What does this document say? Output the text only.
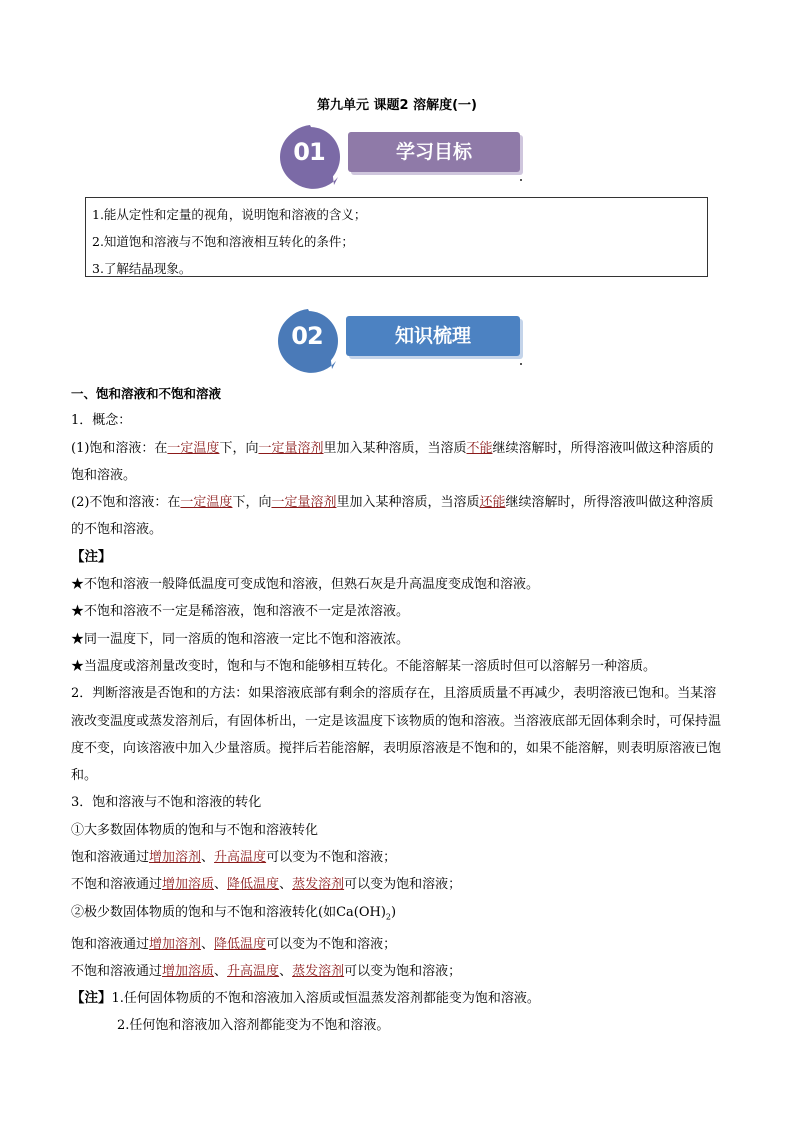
第九单元 课题2 溶解度(一)
学习目标
01
1.能从定性和定量的视角，说明饱和溶液的含义；
2.知道饱和溶液与不饱和溶液相互转化的条件；
3.了解结晶现象。
知识梳理
02
一、饱和溶液和不饱和溶液
1．概念：
(1)饱和溶液：在一定温度下，向一定量溶剂里加入某种溶质，当溶质不能继续溶解时，所得溶液叫做这种溶质的饱和溶液。
(2)不饱和溶液：在一定温度下，向一定量溶剂里加入某种溶质，当溶质还能继续溶解时，所得溶液叫做这种溶质的不饱和溶液。
【注】
★不饱和溶液一般降低温度可变成饱和溶液，但熟石灰是升高温度变成饱和溶液。
★不饱和溶液不一定是稀溶液，饱和溶液不一定是浓溶液。
★同一温度下，同一溶质的饱和溶液一定比不饱和溶液浓。
★当温度或溶剂量改变时，饱和与不饱和能够相互转化。不能溶解某一溶质时但可以溶解另一种溶质。
2．判断溶液是否饱和的方法：如果溶液底部有剩余的溶质存在，且溶质质量不再减少，表明溶液已饱和。当某溶液改变温度或蒸发溶剂后，有固体析出，一定是该温度下该物质的饱和溶液。当溶液底部无固体剩余时，可保持温度不变，向该溶液中加入少量溶质。搅拌后若能溶解，表明原溶液是不饱和的，如果不能溶解，则表明原溶液已饱和。
3．饱和溶液与不饱和溶液的转化
①大多数固体物质的饱和与不饱和溶液转化
饱和溶液通过增加溶剂、升高温度可以变为不饱和溶液；
不饱和溶液通过增加溶质、降低温度、蒸发溶剂可以变为饱和溶液；
②极少数固体物质的饱和与不饱和溶液转化(如$Ca(OH)_2$)
饱和溶液通过增加溶剂、降低温度可以变为不饱和溶液；
不饱和溶液通过增加溶质、升高温度、蒸发溶剂可以变为饱和溶液；
【注】1.任何固体物质的不饱和溶液加入溶质或恒温蒸发溶剂都能变为饱和溶液。
2.任何饱和溶液加入溶剂都能变为不饱和溶液。
